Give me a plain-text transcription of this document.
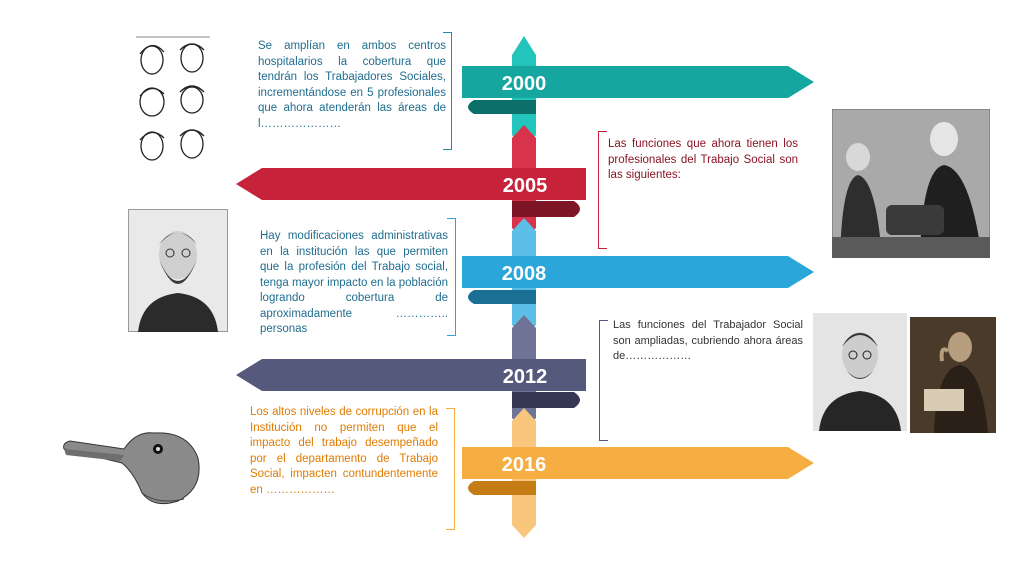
2000
2005
2008
2012
2016

Se amplían en ambos centros hospitalarios la cobertura que tendrán los Trabajadores Sociales, incrementándose en 5 profesionales que ahora atenderán las áreas de l…………………

Las funciones que ahora tienen los profesionales del Trabajo Social son las siguientes:

Hay modificaciones administrativas en la institución las que permiten que la profesión del Trabajo social, tenga mayor impacto en la población logrando cobertura de aproximadamente ………….. personas	Las funciones del Trabajador Social son ampliadas, cubriendo ahora áreas de………………

Los altos niveles de corrupción en la Institución no permiten que el impacto del trabajo desempeñado por el departamento de Trabajo Social, impacten contundentemente en ………………
